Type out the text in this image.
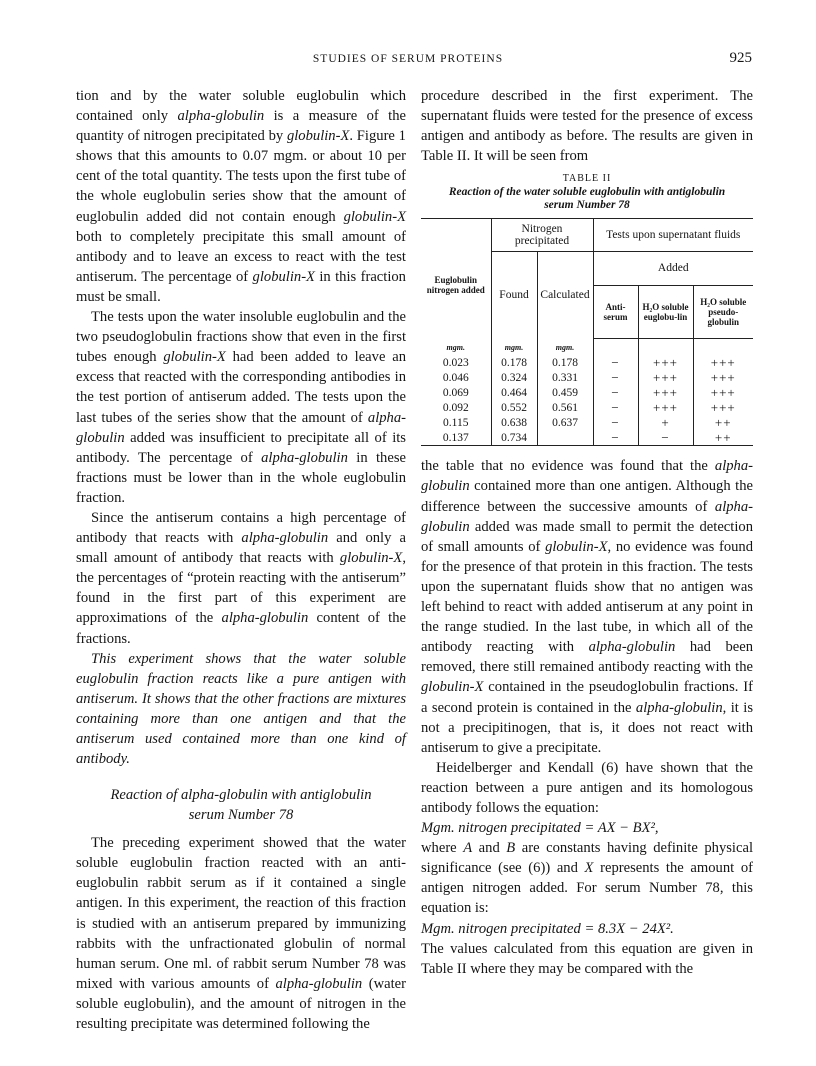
STUDIES OF SERUM PROTEINS	925

tion and by the water soluble euglobulin which contained only alpha-globulin is a measure of the quantity of nitrogen precipitated by globulin-X. Figure 1 shows that this amounts to 0.07 mgm. or about 10 per cent of the total quantity. The tests upon the first tube of the whole euglobulin series show that the amount of euglobulin added did not contain enough globulin-X both to completely precipitate this small amount of antibody and to leave an excess to react with the test antiserum. The percentage of globulin-X in this fraction must be small.

The tests upon the water insoluble euglobulin and the two pseudoglobulin fractions show that even in the first tubes enough globulin-X had been added to leave an excess that reacted with the corresponding antibodies in the test portion of antiserum added. The tests upon the last tubes of the series show that the amount of alpha-globulin added was insufficient to precipitate all of its antibody. The percentage of alpha-globulin in these fractions must be lower than in the whole euglobulin fraction.

Since the antiserum contains a high percentage of antibody that reacts with alpha-globulin and only a small amount of antibody that reacts with globulin-X, the percentages of “protein reacting with the antiserum” found in the first part of this experiment are approximations of the alpha-globulin content of the fractions.

This experiment shows that the water soluble euglobulin fraction reacts like a pure antigen with antiserum. It shows that the other fractions are mixtures containing more than one antigen and that the antiserum used contained more than one kind of antibody.

Reaction of alpha-globulin with antiglobulin
serum Number 78

The preceding experiment showed that the water soluble euglobulin fraction reacted with an anti-euglobulin rabbit serum as if it contained a single antigen. In this experiment, the reaction of this fraction is studied with an antiserum prepared by immunizing rabbits with the unfractionated globulin of normal human serum. One ml. of rabbit serum Number 78 was mixed with various amounts of alpha-globulin (water soluble euglobulin), and the amount of nitrogen in the resulting precipitate was determined following the

procedure described in the first experiment. The supernatant fluids were tested for the presence of excess antigen and antibody as before. The results are given in Table II. It will be seen from

TABLE II
Reaction of the water soluble euglobulin with antiglobulin
serum Number 78
Euglobulin nitrogen added	Nitrogen precipitated		Tests upon supernatant fluids		
	Found	Calculated	Added		
			Anti-serum	H₂O soluble euglobu-lin	H₂O soluble pseudo-globulin
mgm.	mgm.	mgm.			
0.023	0.178	0.178	−	+++	+++
0.046	0.324	0.331	−	+++	+++
0.069	0.464	0.459	−	+++	+++
0.092	0.552	0.561	−	+++	+++
0.115	0.638	0.637	−	+	++
0.137	0.734		−	−	++

the table that no evidence was found that the alpha-globulin contained more than one antigen. Although the difference between the successive amounts of alpha-globulin added was made small to permit the detection of small amounts of globulin-X, no evidence was found for the presence of that protein in this fraction. The tests upon the supernatant fluids show that no antigen was left behind to react with added antiserum at any point in the range studied. In the last tube, in which all of the antibody reacting with alpha-globulin had been removed, there still remained antibody reacting with the globulin-X contained in the pseudoglobulin fractions. If a second protein is contained in the alpha-globulin, it is not a precipitinogen, that is, it does not react with antiserum to give a precipitate.

Heidelberger and Kendall (6) have shown that the reaction between a pure antigen and its homologous antibody follows the equation:

Mgm. nitrogen precipitated = AX − BX²,

where A and B are constants having definite physical significance (see (6)) and X represents the amount of antigen nitrogen added. For serum Number 78, this equation is:

Mgm. nitrogen precipitated = 8.3X − 24X².

The values calculated from this equation are given in Table II where they may be compared with the
